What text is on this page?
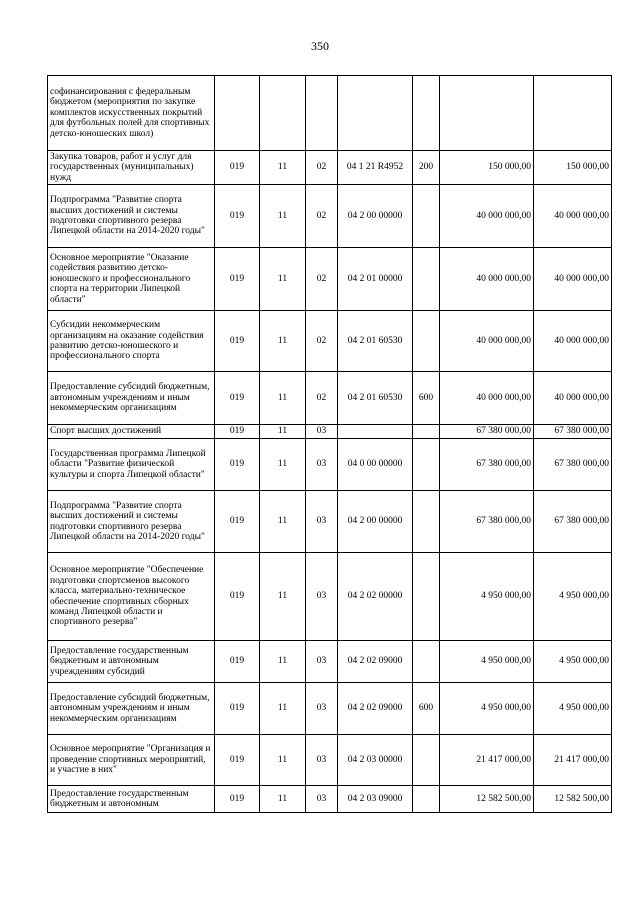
350
софинансирования с федеральным бюджетом (мероприятия по закупке комплектов искусственных покрытий для футбольных полей для спортивных детско-юношеских школ)							
Закупка товаров, работ и услуг для государственных (муниципальных) нужд	019	11	02	04 1 21 R4952	200	150 000,00	150 000,00
Подпрограмма "Развитие спорта высших достижений и системы подготовки спортивного резерва Липецкой области на 2014-2020 годы"	019	11	02	04 2 00 00000		40 000 000,00	40 000 000,00
Основное мероприятие "Оказание содействия развитию детско-юношеского и профессионального спорта на территории Липецкой области"	019	11	02	04 2 01 00000		40 000 000,00	40 000 000,00
Субсидии некоммерческим организациям на оказание содействия развитию детско-юношеского и профессионального спорта	019	11	02	04 2 01 60530		40 000 000,00	40 000 000,00
Предоставление субсидий бюджетным, автономным учреждениям и иным некоммерческим организациям	019	11	02	04 2 01 60530	600	40 000 000,00	40 000 000,00
Спорт высших достижений	019	11	03			67 380 000,00	67 380 000,00
Государственная программа Липецкой области "Развитие физической культуры и спорта Липецкой области"	019	11	03	04 0 00 00000		67 380 000,00	67 380 000,00
Подпрограмма "Развитие спорта высших достижений и системы подготовки спортивного резерва Липецкой области на 2014-2020 годы"	019	11	03	04 2 00 00000		67 380 000,00	67 380 000,00
Основное мероприятие "Обеспечение подготовки спортсменов высокого класса, материально-техническое обеспечение спортивных сборных команд Липецкой области и спортивного резерва"	019	11	03	04 2 02 00000		4 950 000,00	4 950 000,00
Предоставление государственным бюджетным и автономным учреждениям субсидий	019	11	03	04 2 02 09000		4 950 000,00	4 950 000,00
Предоставление субсидий бюджетным, автономным учреждениям и иным некоммерческим организациям	019	11	03	04 2 02 09000	600	4 950 000,00	4 950 000,00
Основное мероприятие "Организация и проведение спортивных мероприятий, и участие в них"	019	11	03	04 2 03 00000		21 417 000,00	21 417 000,00
Предоставление государственным бюджетным и автономным	019	11	03	04 2 03 09000		12 582 500,00	12 582 500,00
